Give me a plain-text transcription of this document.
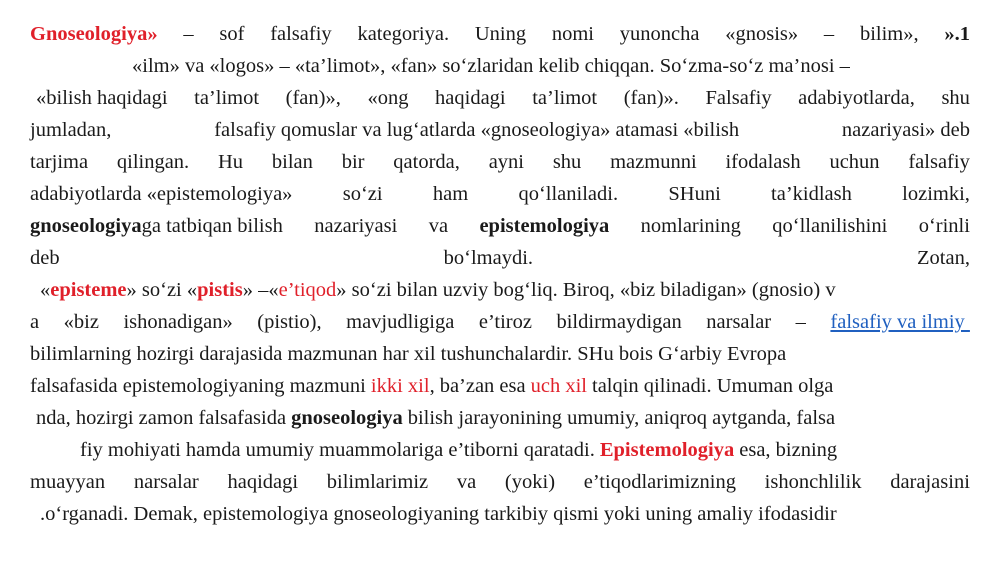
Gnoseologiya» – sof falsafiy kategoriya. Uning nomi yunoncha «gnosis» – bilim», ».1
«ilm» va «logos» – «ta’limot», «fan» so‘zlaridan kelib chiqqan. So‘zma-so‘z ma’nosi –
«bilish haqidagi ta’limot (fan)», «ong haqidagi ta’limot (fan)». Falsafiy adabiyotlarda, shu
jumladan,	falsafiy qomuslar va lug‘atlarda «gnoseologiya» atamasi «bilish	nazariyasi» deb
tarjima qilingan. Hu bilan bir qatorda, ayni shu mazmunni ifodalash uchun falsafiy
adabiyotlarda «epistemologiya» so‘zi ham qo‘llaniladi. SHuni ta’kidlash lozimki,
gnoseologiyaga tatbiqan bilish nazariyasi va epistemologiya nomlarining qo‘llanilishini o‘rinli
deb	bo‘lmaydi.	Zotan,
«episteme» so‘zi «pistis» –«e’tiqod» so‘zi bilan uzviy bog‘liq. Biroq, «biz biladigan» (gnosio) v
a «biz ishonadigan» (pistio), mavjudligiga e’tiroz bildirmaydigan narsalar – falsafiy va ilmiy
bilimlarning hozirgi darajasida mazmunan har xil tushunchalardir. SHu bois G‘arbiy Evropa
falsafasida epistemologiyaning mazmuni ikki xil, ba’zan esa uch xil talqin qilinadi. Umuman olga
nda, hozirgi zamon falsafasida gnoseologiya bilish jarayonining umumiy, aniqroq aytganda, falsa
fiy mohiyati hamda umumiy muammolariga e’tiborni qaratadi. Epistemologiya esa, bizning
muayyan narsalar haqidagi bilimlarimiz va (yoki) e’tiqodlarimizning ishonchlilik darajasini
.o‘rganadi. Demak, epistemologiya gnoseologiyaning tarkibiy qismi yoki uning amaliy ifodasidir
